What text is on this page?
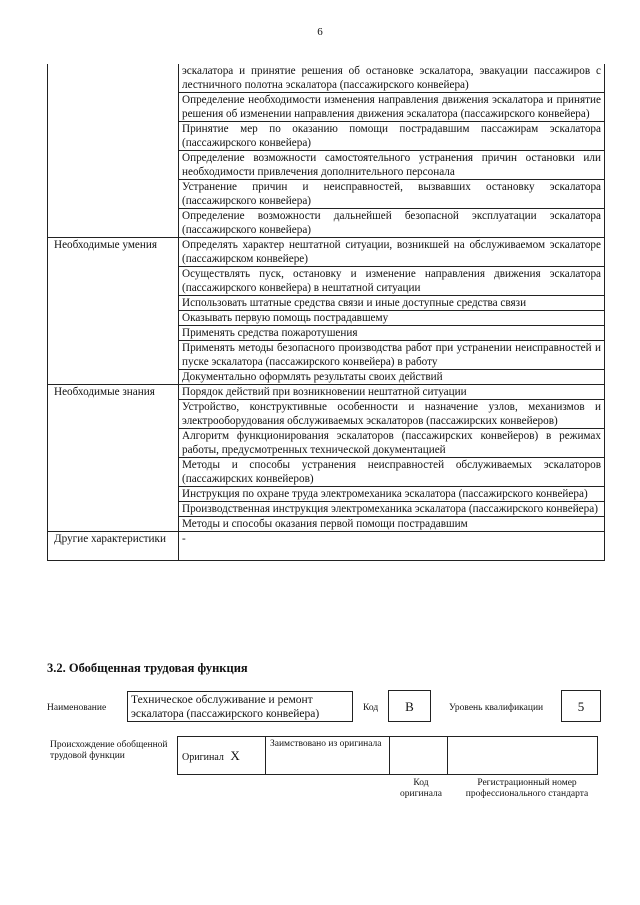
6
	эскалатора и принятие решения об остановке эскалатора, эвакуации пассажиров с лестничного полотна эскалатора (пассажирского конвейера)
	Определение необходимости изменения направления движения эскалатора и принятие решения об изменении направления движения эскалатора (пассажирского конвейера)
	Принятие мер по оказанию помощи пострадавшим пассажирам эскалатора (пассажирского конвейера)
	Определение возможности самостоятельного устранения причин остановки или необходимости привлечения дополнительного персонала
	Устранение причин и неисправностей, вызвавших остановку эскалатора (пассажирского конвейера)
	Определение возможности дальнейшей безопасной эксплуатации эскалатора (пассажирского конвейера)
Необходимые умения	Определять характер нештатной ситуации, возникшей на обслуживаемом эскалаторе (пассажирском конвейере)
	Осуществлять пуск, остановку и изменение направления движения эскалатора (пассажирского конвейера) в нештатной ситуации
	Использовать штатные средства связи и иные доступные средства связи
	Оказывать первую помощь пострадавшему
	Применять средства пожаротушения
	Применять методы безопасного производства работ при устранении неисправностей и пуске эскалатора (пассажирского конвейера) в работу
	Документально оформлять результаты своих действий
Необходимые знания	Порядок действий при возникновении нештатной ситуации
	Устройство, конструктивные особенности и назначение узлов, механизмов и электрооборудования обслуживаемых эскалаторов (пассажирских конвейеров)
	Алгоритм функционирования эскалаторов (пассажирских конвейеров) в режимах работы, предусмотренных технической документацией
	Методы и способы устранения неисправностей обслуживаемых эскалаторов (пассажирских конвейеров)
	Инструкция по охране труда электромеханика эскалатора (пассажирского конвейера)
	Производственная инструкция электромеханика эскалатора (пассажирского конвейера)
	Методы и способы оказания первой помощи пострадавшим
Другие характеристики	-
3.2. Обобщенная трудовая функция
Наименование
Техническое обслуживание и ремонт эскалатора (пассажирского конвейера)	Код	B	Уровень квалификации	5
Происхождение обобщенной трудовой функции	Оригинал X	Заимствовано из оригинала		
Код оригинала
Регистрационный номер профессионального стандарта
